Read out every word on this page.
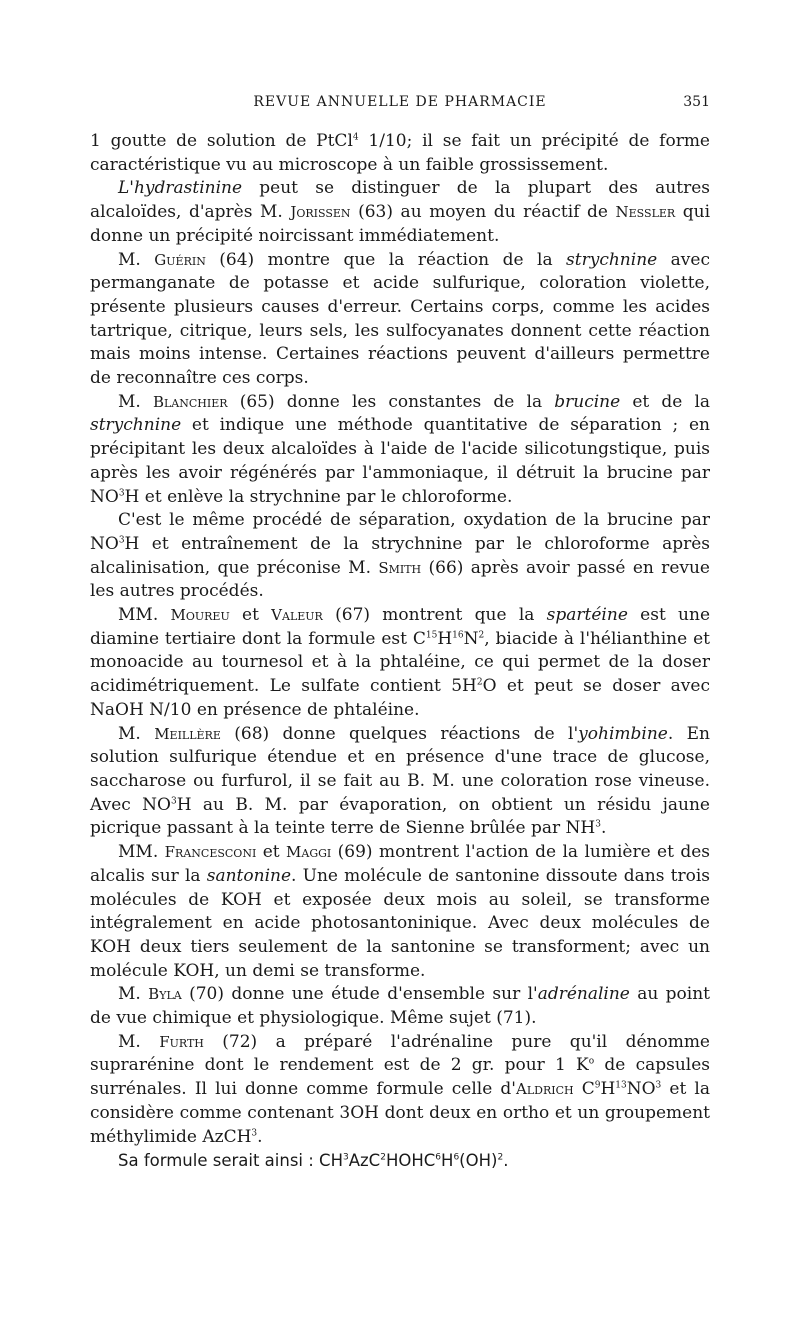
REVUE ANNUELLE DE PHARMACIE	351

1 goutte de solution de PtCl$^4$ 1/10; il se fait un précipité de forme caractéristique vu au microscope à un faible grossissement.

L'hydrastinine peut se distinguer de la plupart des autres alcaloïdes, d'après M. Jorissen (63) au moyen du réactif de Nessler qui donne un précipité noircissant immédiatement.

M. Guérin (64) montre que la réaction de la strychnine avec permanganate de potasse et acide sulfurique, coloration violette, présente plusieurs causes d'erreur. Certains corps, comme les acides tartrique, citrique, leurs sels, les sulfocyanates donnent cette réaction mais moins intense. Certaines réactions peuvent d'ailleurs permettre de reconnaître ces corps.

M. Blanchier (65) donne les constantes de la brucine et de la strychnine et indique une méthode quantitative de séparation ; en précipitant les deux alcaloïdes à l'aide de l'acide silicotungstique, puis après les avoir régénérés par l'ammoniaque, il détruit la brucine par $NO^3H$ et enlève la strychnine par le chloroforme.

C'est le même procédé de séparation, oxydation de la brucine par $NO^3H$ et entraînement de la strychnine par le chloroforme après alcalinisation, que préconise M. Smith (66) après avoir passé en revue les autres procédés.

MM. Moureu et Valeur (67) montrent que la spartéine est une diamine tertiaire dont la formule est $C^{15}H^{16}N^2$, biacide à l'hélianthine et monoacide au tournesol et à la phtaléine, ce qui permet de la doser acidimétriquement. Le sulfate contient $5H^2O$ et peut se doser avec NaOH N/10 en présence de phtaléine.

M. Meillère (68) donne quelques réactions de l'yohimbine. En solution sulfurique étendue et en présence d'une trace de glucose, saccharose ou furfurol, il se fait au B. M. une coloration rose vineuse. Avec $NO^3H$ au B. M. par évaporation, on obtient un résidu jaune picrique passant à la teinte terre de Sienne brûlée par $NH^3$.

MM. Francesconi et Maggi (69) montrent l'action de la lumière et des alcalis sur la santonine. Une molécule de santonine dissoute dans trois molécules de KOH et exposée deux mois au soleil, se transforme intégralement en acide photosantoninique. Avec deux molécules de KOH deux tiers seulement de la santonine se transforment; avec un molécule KOH, un demi se transforme.

M. Byla (70) donne une étude d'ensemble sur l'adrénaline au point de vue chimique et physiologique. Même sujet (71).

M. Furth (72) a préparé l'adrénaline pure qu'il dénomme suprarénine dont le rendement est de 2 gr. pour 1 $K^o$ de capsules surrénales. Il lui donne comme formule celle d'Aldrich $C^9H^{13}NO^3$ et la considère comme contenant 3OH dont deux en ortho et un groupement méthylimide AzCH$^3$.

Sa formule serait ainsi : $CH^3AzC^2HOHC^6H^6(OH)^2$.
